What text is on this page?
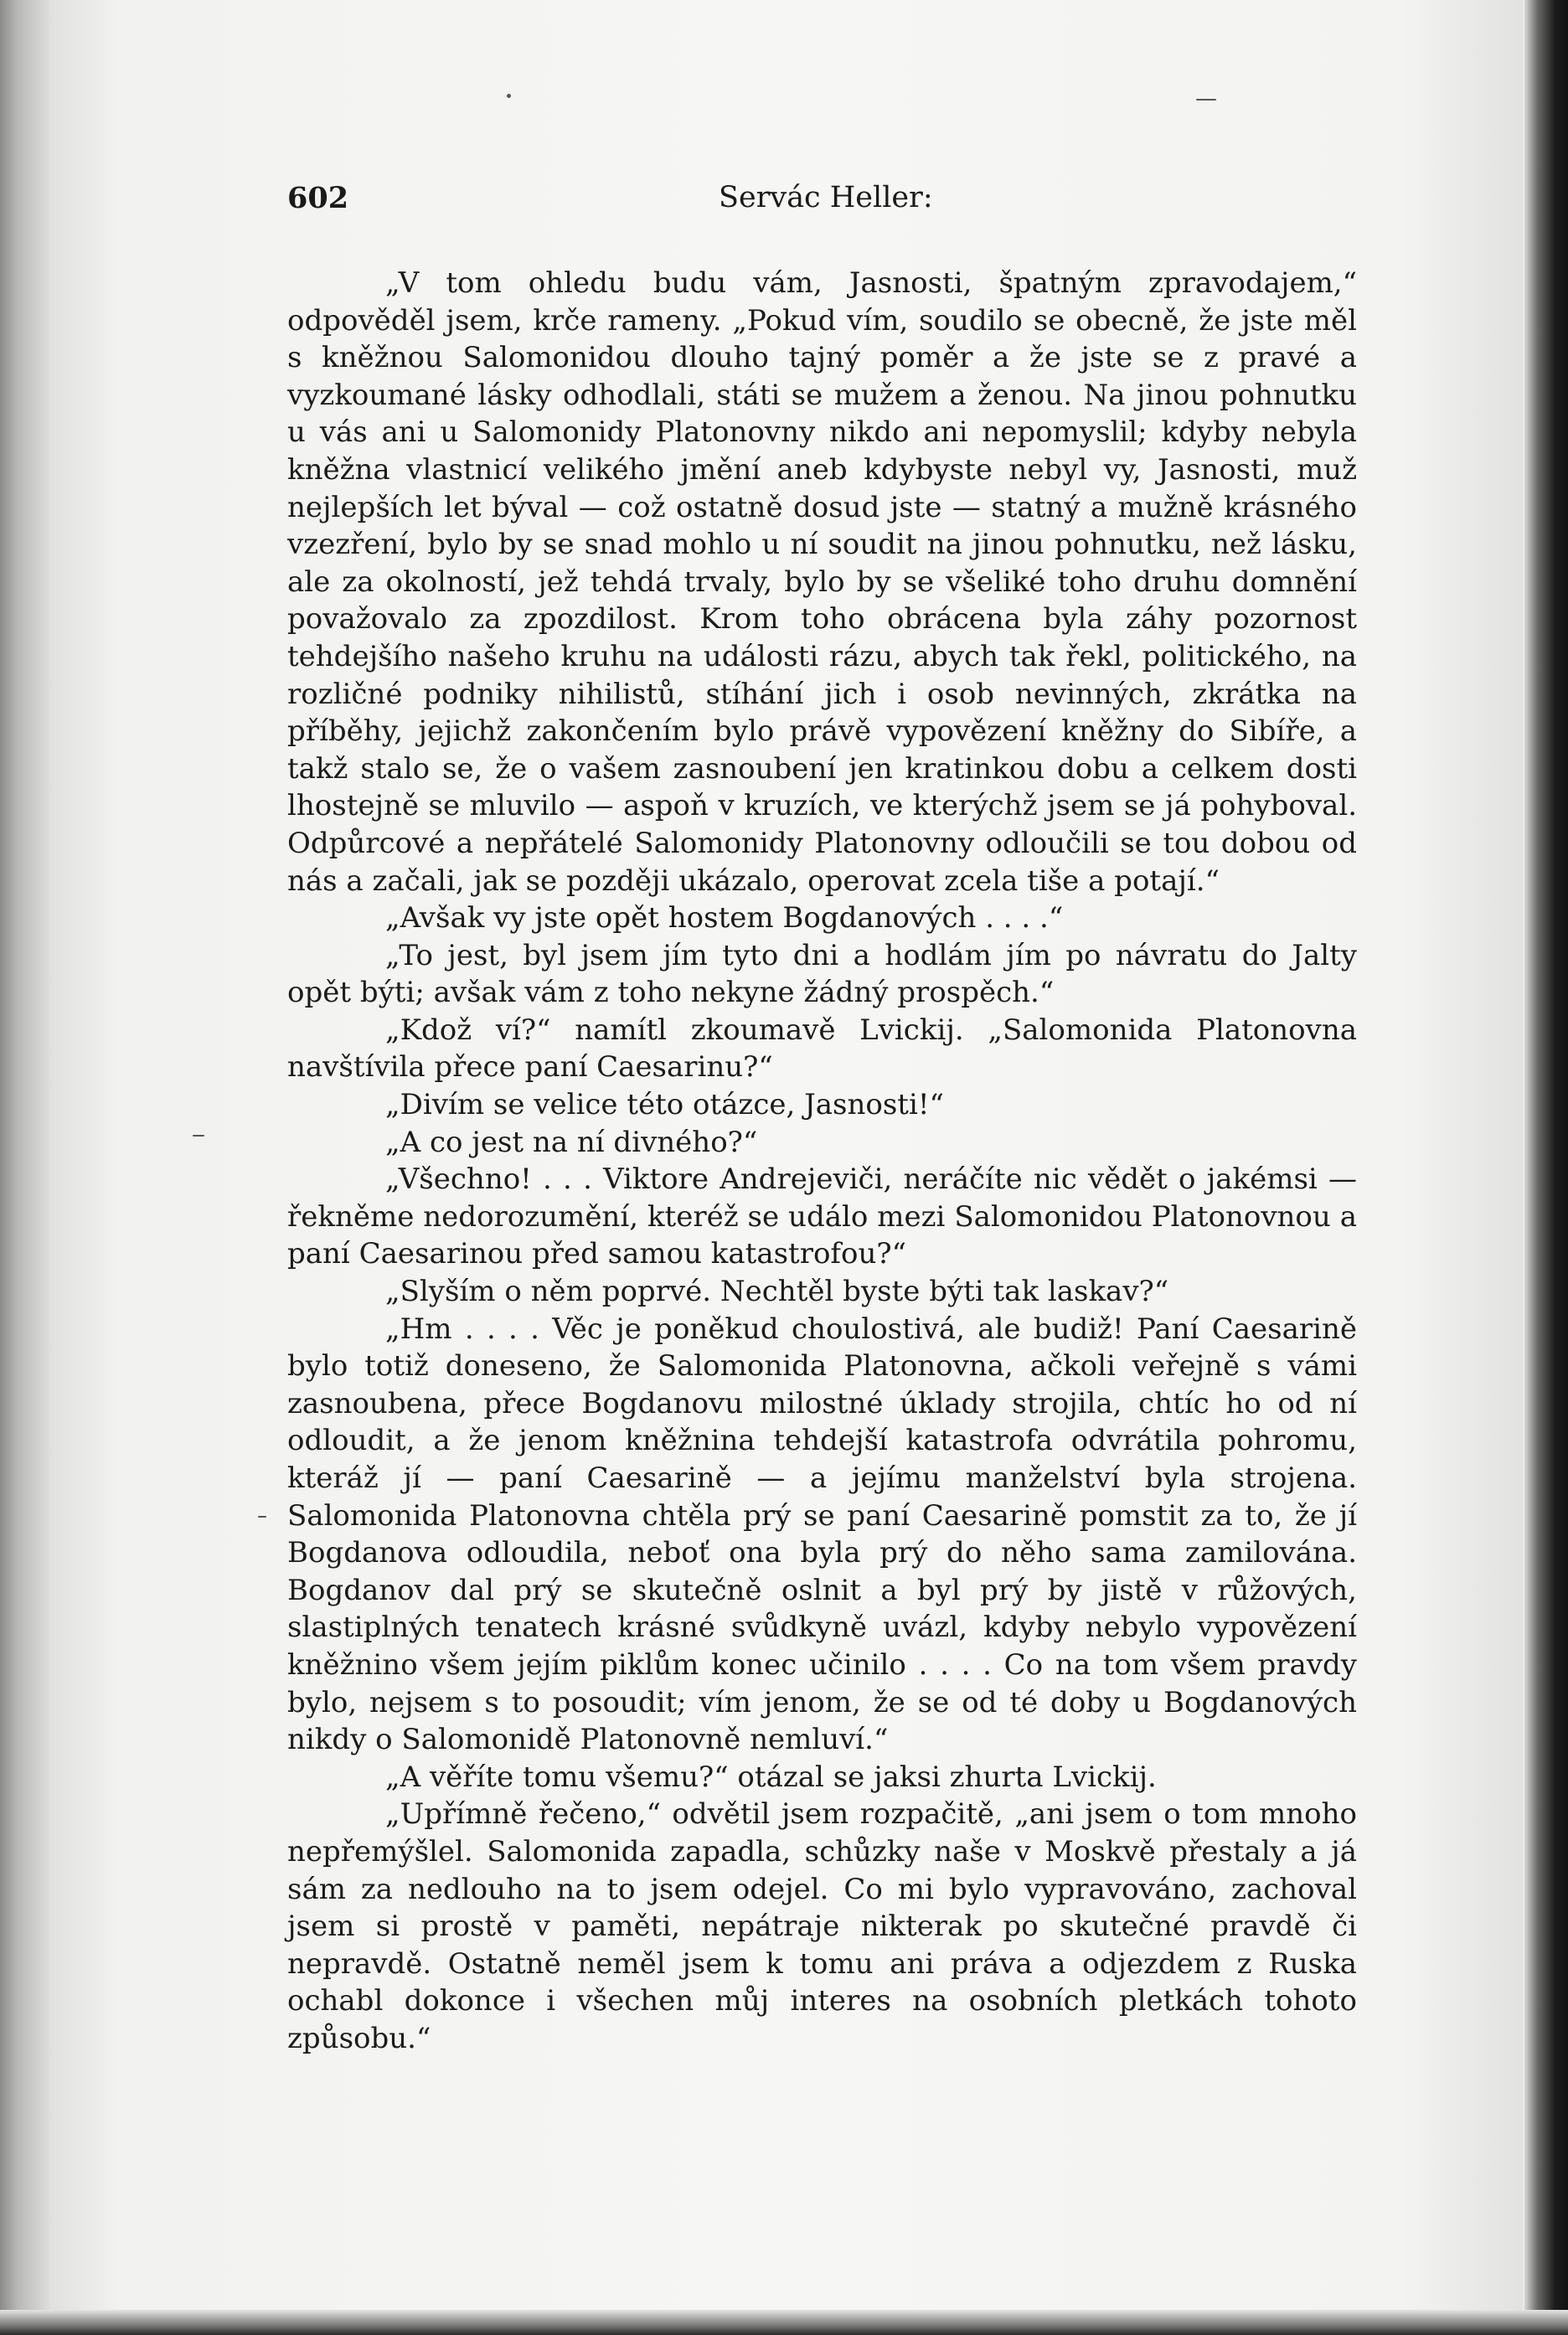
602	Servác Heller:

„V tom ohledu budu vám, Jasnosti, špatným zpravodajem,“ odpověděl jsem, krče rameny. „Pokud vím, soudilo se obecně, že jste měl s kněžnou Salomonidou dlouho tajný poměr a že jste se z pravé a vyzkoumané lásky odhodlali, státi se mužem a ženou. Na jinou pohnutku u vás ani u Salomonidy Platonovny nikdo ani nepomyslil; kdyby nebyla kněžna vlastnicí velikého jmění aneb kdybyste nebyl vy, Jasnosti, muž nejlepších let býval — což ostatně dosud jste — statný a mužně krásného vzezření, bylo by se snad mohlo u ní soudit na jinou pohnutku, než lásku, ale za okolností, jež tehdá trvaly, bylo by se všeliké toho druhu domnění považovalo za zpozdilost. Krom toho obrácena byla záhy pozornost tehdejšího našeho kruhu na události rázu, abych tak řekl, politického, na rozličné podniky nihilistů, stíhání jich i osob nevinných, zkrátka na příběhy, jejichž zakončením bylo právě vypovězení kněžny do Sibíře, a takž stalo se, že o vašem zasnoubení jen kratinkou dobu a celkem dosti lhostejně se mluvilo — aspoň v kruzích, ve kterýchž jsem se já pohyboval. Odpůrcové a nepřátelé Salomonidy Platonovny odloučili se tou dobou od nás a začali, jak se později ukázalo, operovat zcela tiše a potají.“

„Avšak vy jste opět hostem Bogdanových . . . .“

„To jest, byl jsem jím tyto dni a hodlám jím po návratu do Jalty opět býti; avšak vám z toho nekyne žádný prospěch.“

„Kdož ví?“ namítl zkoumavě Lvickij. „Salomonida Platonovna navštívila přece paní Caesarinu?“

„Divím se velice této otázce, Jasnosti!“

„A co jest na ní divného?“

„Všechno! . . . Viktore Andrejeviči, neráčíte nic vědět o jakémsi — řekněme nedorozumění, kteréž se událo mezi Salomonidou Platonovnou a paní Caesarinou před samou katastrofou?“

„Slyším o něm poprvé. Nechtěl byste býti tak laskav?“

„Hm . . . . Věc je poněkud choulostivá, ale budiž! Paní Caesarině bylo totiž doneseno, že Salomonida Platonovna, ačkoli veřejně s vámi zasnoubena, přece Bogdanovu milostné úklady strojila, chtíc ho od ní odloudit, a že jenom kněžnina tehdejší katastrofa odvrátila pohromu, kteráž jí — paní Caesarině — a jejímu manželství byla strojena. Salomonida Platonovna chtěla prý se paní Caesarině pomstit za to, že jí Bogdanova odloudila, neboť ona byla prý do něho sama zamilována. Bogdanov dal prý se skutečně oslnit a byl prý by jistě v růžových, slastiplných tenatech krásné svůdkyně uvázl, kdyby nebylo vypovězení kněžnino všem jejím piklům konec učinilo . . . . Co na tom všem pravdy bylo, nejsem s to posoudit; vím jenom, že se od té doby u Bogdanových nikdy o Salomonidě Platonovně nemluví.“

„A věříte tomu všemu?“ otázal se jaksi zhurta Lvickij.

„Upřímně řečeno,“ odvětil jsem rozpačitě, „ani jsem o tom mnoho nepřemýšlel. Salomonida zapadla, schůzky naše v Moskvě přestaly a já sám za nedlouho na to jsem odejel. Co mi bylo vypravováno, zachoval jsem si prostě v paměti, nepátraje nikterak po skutečné pravdě či nepravdě. Ostatně neměl jsem k tomu ani práva a odjezdem z Ruska ochabl dokonce i všechen můj interes na osobních pletkách tohoto způsobu.“
